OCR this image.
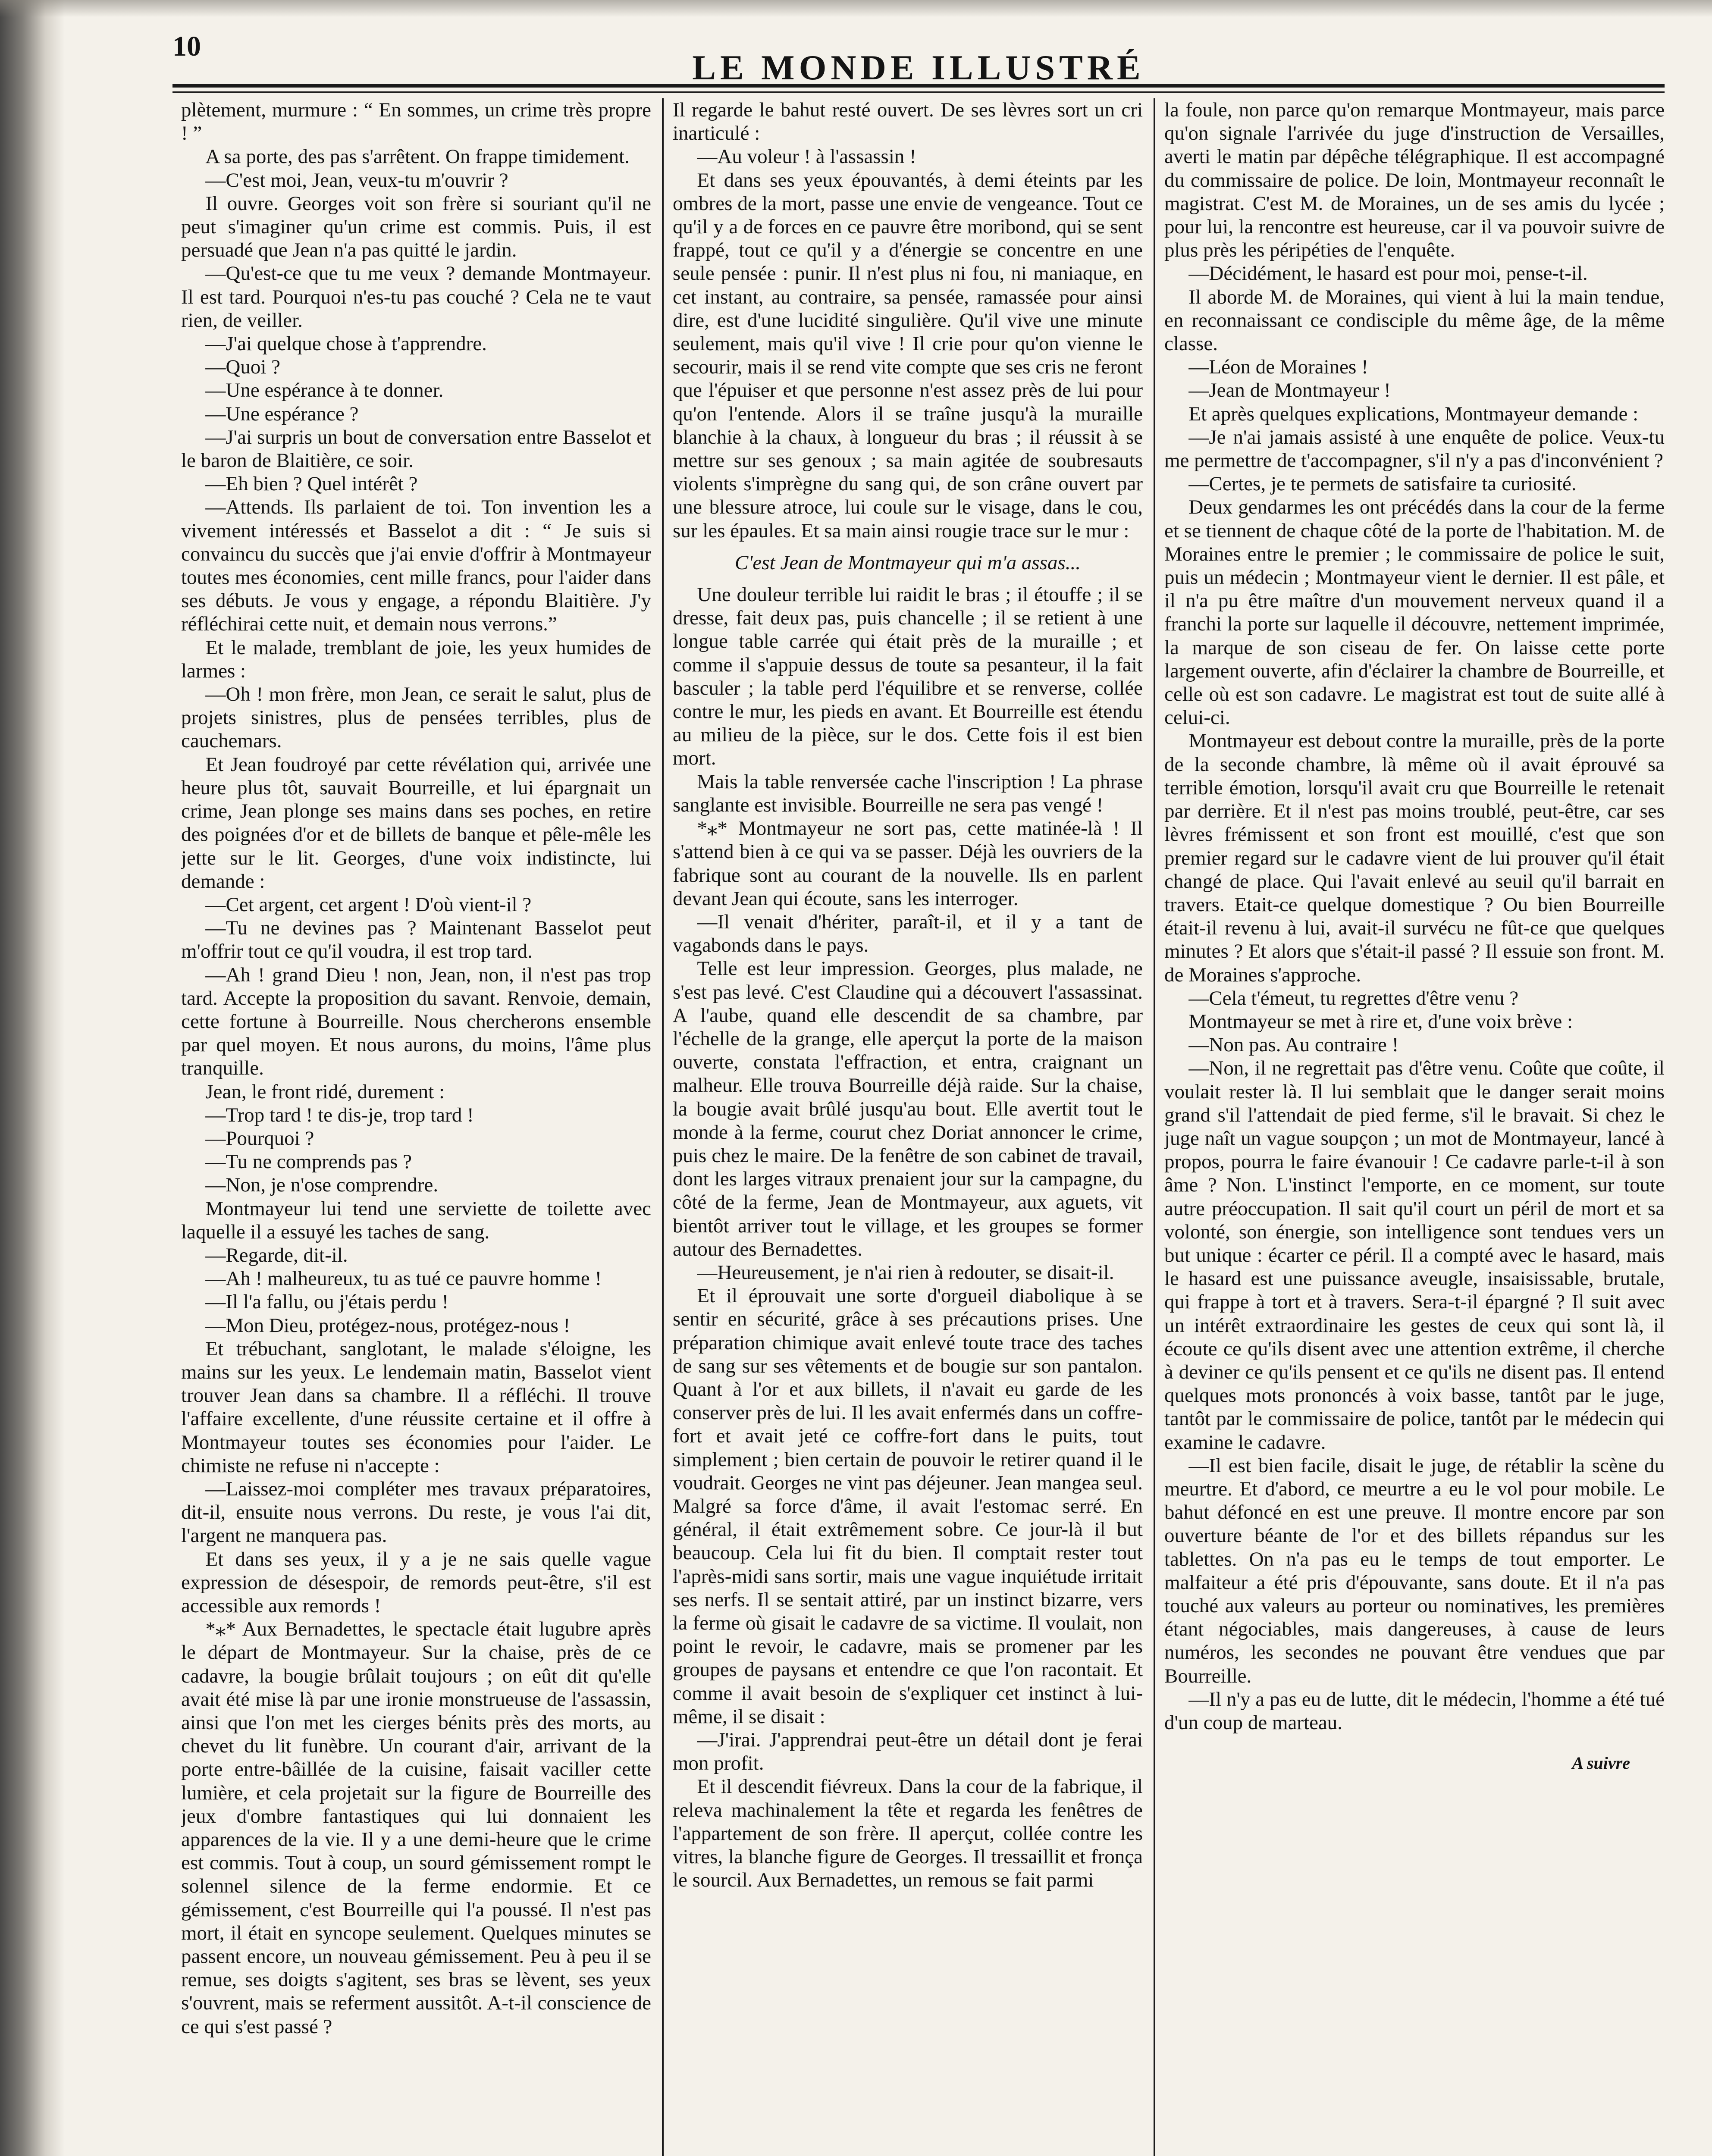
10
LE MONDE ILLUSTRÉ

plètement, murmure : “ En sommes, un crime très propre ! ”

A sa porte, des pas s'arrêtent. On frappe timidement.

—C'est moi, Jean, veux-tu m'ouvrir ?

Il ouvre. Georges voit son frère si souriant qu'il ne peut s'imaginer qu'un crime est commis. Puis, il est persuadé que Jean n'a pas quitté le jardin.

—Qu'est-ce que tu me veux ? demande Montmayeur. Il est tard. Pourquoi n'es-tu pas couché ? Cela ne te vaut rien, de veiller.

—J'ai quelque chose à t'apprendre.

—Quoi ?

—Une espérance à te donner.

—Une espérance ?

—J'ai surpris un bout de conversation entre Basselot et le baron de Blaitière, ce soir.

—Eh bien ? Quel intérêt ?

—Attends. Ils parlaient de toi. Ton invention les a vivement intéressés et Basselot a dit : “ Je suis si convaincu du succès que j'ai envie d'offrir à Montmayeur toutes mes économies, cent mille francs, pour l'aider dans ses débuts. Je vous y engage, a répondu Blaitière. J'y réfléchirai cette nuit, et demain nous verrons.”

Et le malade, tremblant de joie, les yeux humides de larmes :

—Oh ! mon frère, mon Jean, ce serait le salut, plus de projets sinistres, plus de pensées terribles, plus de cauchemars.

Et Jean foudroyé par cette révélation qui, arrivée une heure plus tôt, sauvait Bourreille, et lui épargnait un crime, Jean plonge ses mains dans ses poches, en retire des poignées d'or et de billets de banque et pêle-mêle les jette sur le lit. Georges, d'une voix indistincte, lui demande :

—Cet argent, cet argent ! D'où vient-il ?

—Tu ne devines pas ? Maintenant Basselot peut m'offrir tout ce qu'il voudra, il est trop tard.

—Ah ! grand Dieu ! non, Jean, non, il n'est pas trop tard. Accepte la proposition du savant. Renvoie, demain, cette fortune à Bourreille. Nous chercherons ensemble par quel moyen. Et nous aurons, du moins, l'âme plus tranquille.

Jean, le front ridé, durement :

—Trop tard ! te dis-je, trop tard !

—Pourquoi ?

—Tu ne comprends pas ?

—Non, je n'ose comprendre.

Montmayeur lui tend une serviette de toilette avec laquelle il a essuyé les taches de sang.

—Regarde, dit-il.

—Ah ! malheureux, tu as tué ce pauvre homme !

—Il l'a fallu, ou j'étais perdu !

—Mon Dieu, protégez-nous, protégez-nous !

Et trébuchant, sanglotant, le malade s'éloigne, les mains sur les yeux. Le lendemain matin, Basselot vient trouver Jean dans sa chambre. Il a réfléchi. Il trouve l'affaire excellente, d'une réussite certaine et il offre à Montmayeur toutes ses économies pour l'aider. Le chimiste ne refuse ni n'accepte :

—Laissez-moi compléter mes travaux préparatoires, dit-il, ensuite nous verrons. Du reste, je vous l'ai dit, l'argent ne manquera pas.

Et dans ses yeux, il y a je ne sais quelle vague expression de désespoir, de remords peut-être, s'il est accessible aux remords !

*⁎* Aux Bernadettes, le spectacle était lugubre après le départ de Montmayeur. Sur la chaise, près de ce cadavre, la bougie brûlait toujours ; on eût dit qu'elle avait été mise là par une ironie monstrueuse de l'assassin, ainsi que l'on met les cierges bénits près des morts, au chevet du lit funèbre. Un courant d'air, arrivant de la porte entre-bâillée de la cuisine, faisait vaciller cette lumière, et cela projetait sur la figure de Bourreille des jeux d'ombre fantastiques qui lui donnaient les apparences de la vie. Il y a une demi-heure que le crime est commis. Tout à coup, un sourd gémissement rompt le solennel silence de la ferme endormie. Et ce gémissement, c'est Bourreille qui l'a poussé. Il n'est pas mort, il était en syncope seulement. Quelques minutes se passent encore, un nouveau gémissement. Peu à peu il se remue, ses doigts s'agitent, ses bras se lèvent, ses yeux s'ouvrent, mais se referment aussitôt. A-t-il conscience de ce qui s'est passé ?

Il regarde le bahut resté ouvert. De ses lèvres sort un cri inarticulé :

—Au voleur ! à l'assassin !

Et dans ses yeux épouvantés, à demi éteints par les ombres de la mort, passe une envie de vengeance. Tout ce qu'il y a de forces en ce pauvre être moribond, qui se sent frappé, tout ce qu'il y a d'énergie se concentre en une seule pensée : punir. Il n'est plus ni fou, ni maniaque, en cet instant, au contraire, sa pensée, ramassée pour ainsi dire, est d'une lucidité singulière. Qu'il vive une minute seulement, mais qu'il vive ! Il crie pour qu'on vienne le secourir, mais il se rend vite compte que ses cris ne feront que l'épuiser et que personne n'est assez près de lui pour qu'on l'entende. Alors il se traîne jusqu'à la muraille blanchie à la chaux, à longueur du bras ; il réussit à se mettre sur ses genoux ; sa main agitée de soubresauts violents s'imprègne du sang qui, de son crâne ouvert par une blessure atroce, lui coule sur le visage, dans le cou, sur les épaules. Et sa main ainsi rougie trace sur le mur :

C'est Jean de Montmayeur qui m'a assas...

Une douleur terrible lui raidit le bras ; il étouffe ; il se dresse, fait deux pas, puis chancelle ; il se retient à une longue table carrée qui était près de la muraille ; et comme il s'appuie dessus de toute sa pesanteur, il la fait basculer ; la table perd l'équilibre et se renverse, collée contre le mur, les pieds en avant. Et Bourreille est étendu au milieu de la pièce, sur le dos. Cette fois il est bien mort.

Mais la table renversée cache l'inscription ! La phrase sanglante est invisible. Bourreille ne sera pas vengé !

*⁎* Montmayeur ne sort pas, cette matinée-là ! Il s'attend bien à ce qui va se passer. Déjà les ouvriers de la fabrique sont au courant de la nouvelle. Ils en parlent devant Jean qui écoute, sans les interroger.

—Il venait d'hériter, paraît-il, et il y a tant de vagabonds dans le pays.

Telle est leur impression. Georges, plus malade, ne s'est pas levé. C'est Claudine qui a découvert l'assassinat. A l'aube, quand elle descendit de sa chambre, par l'échelle de la grange, elle aperçut la porte de la maison ouverte, constata l'effraction, et entra, craignant un malheur. Elle trouva Bourreille déjà raide. Sur la chaise, la bougie avait brûlé jusqu'au bout. Elle avertit tout le monde à la ferme, courut chez Doriat annoncer le crime, puis chez le maire. De la fenêtre de son cabinet de travail, dont les larges vitraux prenaient jour sur la campagne, du côté de la ferme, Jean de Montmayeur, aux aguets, vit bientôt arriver tout le village, et les groupes se former autour des Bernadettes.

—Heureusement, je n'ai rien à redouter, se disait-il.

Et il éprouvait une sorte d'orgueil diabolique à se sentir en sécurité, grâce à ses précautions prises. Une préparation chimique avait enlevé toute trace des taches de sang sur ses vêtements et de bougie sur son pantalon. Quant à l'or et aux billets, il n'avait eu garde de les conserver près de lui. Il les avait enfermés dans un coffre-fort et avait jeté ce coffre-fort dans le puits, tout simplement ; bien certain de pouvoir le retirer quand il le voudrait. Georges ne vint pas déjeuner. Jean mangea seul. Malgré sa force d'âme, il avait l'estomac serré. En général, il était extrêmement sobre. Ce jour-là il but beaucoup. Cela lui fit du bien. Il comptait rester tout l'après-midi sans sortir, mais une vague inquiétude irritait ses nerfs. Il se sentait attiré, par un instinct bizarre, vers la ferme où gisait le cadavre de sa victime. Il voulait, non point le revoir, le cadavre, mais se promener par les groupes de paysans et entendre ce que l'on racontait. Et comme il avait besoin de s'expliquer cet instinct à lui-même, il se disait :

—J'irai. J'apprendrai peut-être un détail dont je ferai mon profit.

Et il descendit fiévreux. Dans la cour de la fabrique, il releva machinalement la tête et regarda les fenêtres de l'appartement de son frère. Il aperçut, collée contre les vitres, la blanche figure de Georges. Il tressaillit et fronça le sourcil. Aux Bernadettes, un remous se fait parmi

la foule, non parce qu'on remarque Montmayeur, mais parce qu'on signale l'arrivée du juge d'instruction de Versailles, averti le matin par dépêche télégraphique. Il est accompagné du commissaire de police. De loin, Montmayeur reconnaît le magistrat. C'est M. de Moraines, un de ses amis du lycée ; pour lui, la rencontre est heureuse, car il va pouvoir suivre de plus près les péripéties de l'enquête.

—Décidément, le hasard est pour moi, pense-t-il.

Il aborde M. de Moraines, qui vient à lui la main tendue, en reconnaissant ce condisciple du même âge, de la même classe.

—Léon de Moraines !

—Jean de Montmayeur !

Et après quelques explications, Montmayeur demande :

—Je n'ai jamais assisté à une enquête de police. Veux-tu me permettre de t'accompagner, s'il n'y a pas d'inconvénient ?

—Certes, je te permets de satisfaire ta curiosité.

Deux gendarmes les ont précédés dans la cour de la ferme et se tiennent de chaque côté de la porte de l'habitation. M. de Moraines entre le premier ; le commissaire de police le suit, puis un médecin ; Montmayeur vient le dernier. Il est pâle, et il n'a pu être maître d'un mouvement nerveux quand il a franchi la porte sur laquelle il découvre, nettement imprimée, la marque de son ciseau de fer. On laisse cette porte largement ouverte, afin d'éclairer la chambre de Bourreille, et celle où est son cadavre. Le magistrat est tout de suite allé à celui-ci.

Montmayeur est debout contre la muraille, près de la porte de la seconde chambre, là même où il avait éprouvé sa terrible émotion, lorsqu'il avait cru que Bourreille le retenait par derrière. Et il n'est pas moins troublé, peut-être, car ses lèvres frémissent et son front est mouillé, c'est que son premier regard sur le cadavre vient de lui prouver qu'il était changé de place. Qui l'avait enlevé au seuil qu'il barrait en travers. Etait-ce quelque domestique ? Ou bien Bourreille était-il revenu à lui, avait-il survécu ne fût-ce que quelques minutes ? Et alors que s'était-il passé ? Il essuie son front. M. de Moraines s'approche.

—Cela t'émeut, tu regrettes d'être venu ?

Montmayeur se met à rire et, d'une voix brève :

—Non pas. Au contraire !

—Non, il ne regrettait pas d'être venu. Coûte que coûte, il voulait rester là. Il lui semblait que le danger serait moins grand s'il l'attendait de pied ferme, s'il le bravait. Si chez le juge naît un vague soupçon ; un mot de Montmayeur, lancé à propos, pourra le faire évanouir ! Ce cadavre parle-t-il à son âme ? Non. L'instinct l'emporte, en ce moment, sur toute autre préoccupation. Il sait qu'il court un péril de mort et sa volonté, son énergie, son intelligence sont tendues vers un but unique : écarter ce péril. Il a compté avec le hasard, mais le hasard est une puissance aveugle, insaisissable, brutale, qui frappe à tort et à travers. Sera-t-il épargné ? Il suit avec un intérêt extraordinaire les gestes de ceux qui sont là, il écoute ce qu'ils disent avec une attention extrême, il cherche à deviner ce qu'ils pensent et ce qu'ils ne disent pas. Il entend quelques mots prononcés à voix basse, tantôt par le juge, tantôt par le commissaire de police, tantôt par le médecin qui examine le cadavre.

—Il est bien facile, disait le juge, de rétablir la scène du meurtre. Et d'abord, ce meurtre a eu le vol pour mobile. Le bahut défoncé en est une preuve. Il montre encore par son ouverture béante de l'or et des billets répandus sur les tablettes. On n'a pas eu le temps de tout emporter. Le malfaiteur a été pris d'épouvante, sans doute. Et il n'a pas touché aux valeurs au porteur ou nominatives, les premières étant négociables, mais dangereuses, à cause de leurs numéros, les secondes ne pouvant être vendues que par Bourreille.

—Il n'y a pas eu de lutte, dit le médecin, l'homme a été tué d'un coup de marteau.

A suivre
